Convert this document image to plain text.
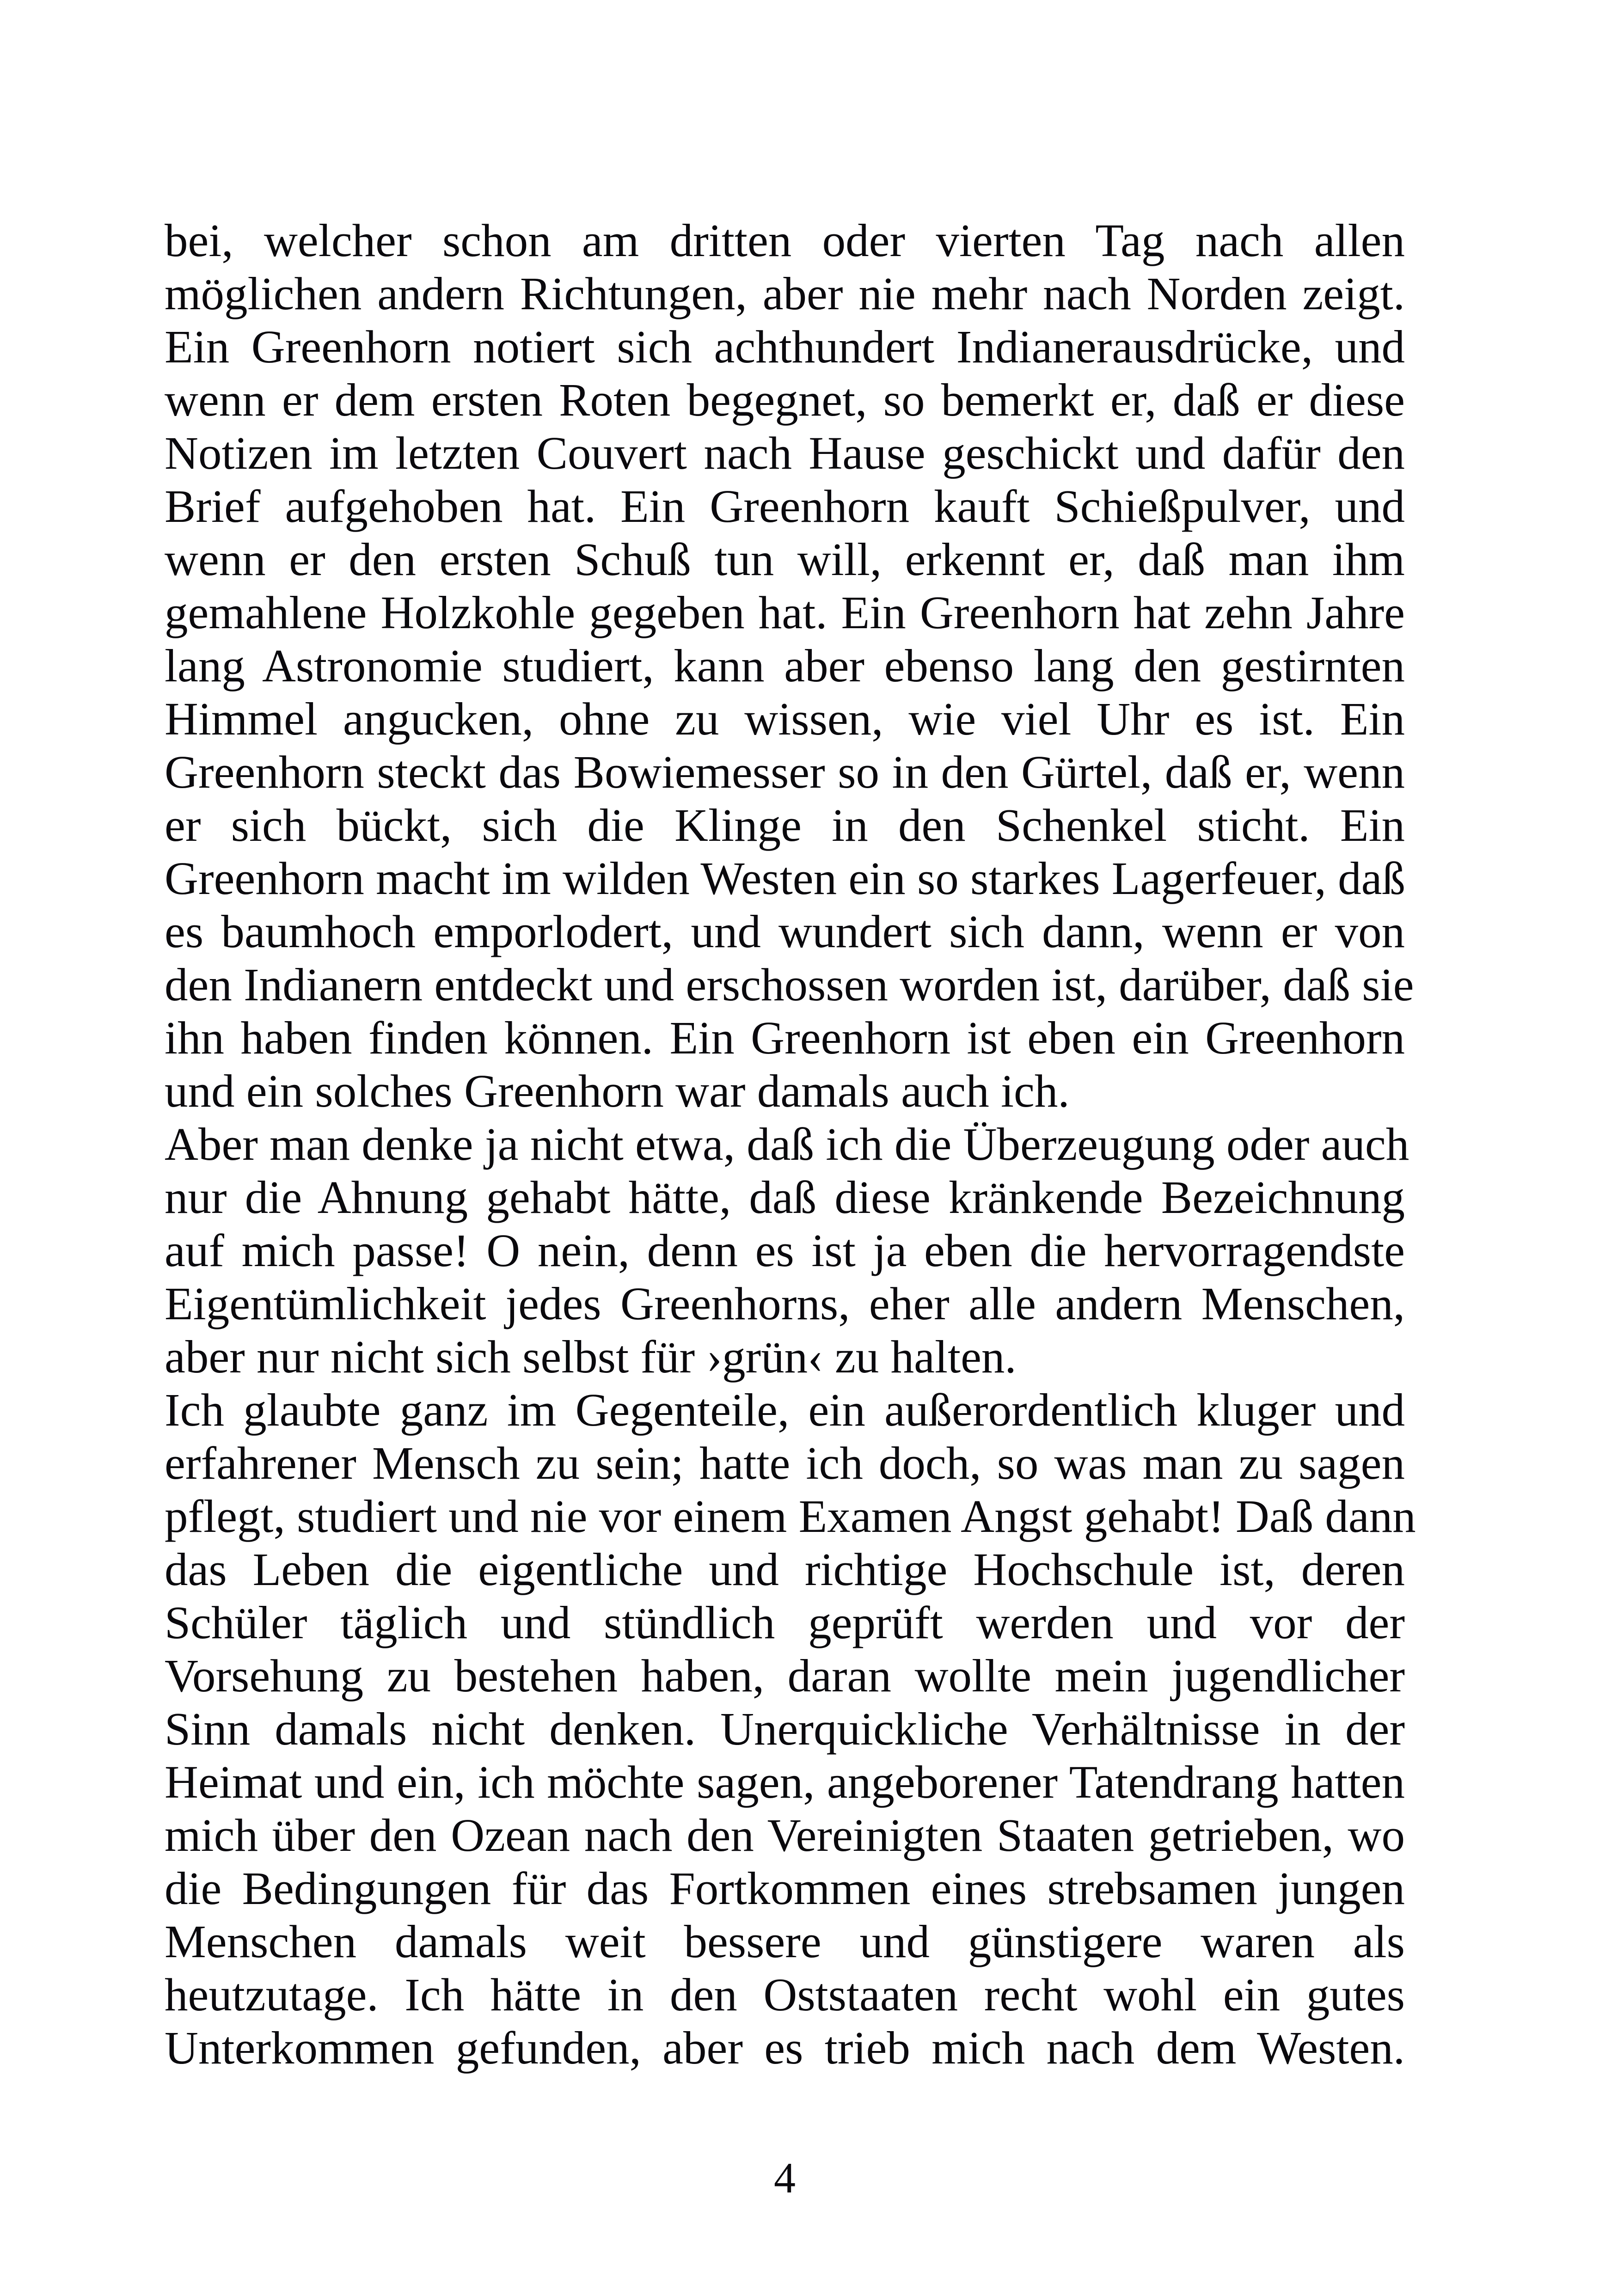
bei, welcher schon am dritten oder vierten Tag nach allen
möglichen andern Richtungen, aber nie mehr nach Norden zeigt.
Ein Greenhorn notiert sich achthundert Indianerausdrücke, und
wenn er dem ersten Roten begegnet, so bemerkt er, daß er diese
Notizen im letzten Couvert nach Hause geschickt und dafür den
Brief aufgehoben hat. Ein Greenhorn kauft Schießpulver, und
wenn er den ersten Schuß tun will, erkennt er, daß man ihm
gemahlene Holzkohle gegeben hat. Ein Greenhorn hat zehn Jahre
lang Astronomie studiert, kann aber ebenso lang den gestirnten
Himmel angucken, ohne zu wissen, wie viel Uhr es ist. Ein
Greenhorn steckt das Bowiemesser so in den Gürtel, daß er, wenn
er sich bückt, sich die Klinge in den Schenkel sticht. Ein
Greenhorn macht im wilden Westen ein so starkes Lagerfeuer, daß
es baumhoch emporlodert, und wundert sich dann, wenn er von
den Indianern entdeckt und erschossen worden ist, darüber, daß sie
ihn haben finden können. Ein Greenhorn ist eben ein Greenhorn
und ein solches Greenhorn war damals auch ich.
Aber man denke ja nicht etwa, daß ich die Überzeugung oder auch
nur die Ahnung gehabt hätte, daß diese kränkende Bezeichnung
auf mich passe! O nein, denn es ist ja eben die hervorragendste
Eigentümlichkeit jedes Greenhorns, eher alle andern Menschen,
aber nur nicht sich selbst für ›grün‹ zu halten.
Ich glaubte ganz im Gegenteile, ein außerordentlich kluger und
erfahrener Mensch zu sein; hatte ich doch, so was man zu sagen
pflegt, studiert und nie vor einem Examen Angst gehabt! Daß dann
das Leben die eigentliche und richtige Hochschule ist, deren
Schüler täglich und stündlich geprüft werden und vor der
Vorsehung zu bestehen haben, daran wollte mein jugendlicher
Sinn damals nicht denken. Unerquickliche Verhältnisse in der
Heimat und ein, ich möchte sagen, angeborener Tatendrang hatten
mich über den Ozean nach den Vereinigten Staaten getrieben, wo
die Bedingungen für das Fortkommen eines strebsamen jungen
Menschen damals weit bessere und günstigere waren als
heutzutage. Ich hätte in den Oststaaten recht wohl ein gutes
Unterkommen gefunden, aber es trieb mich nach dem Westen.
4
